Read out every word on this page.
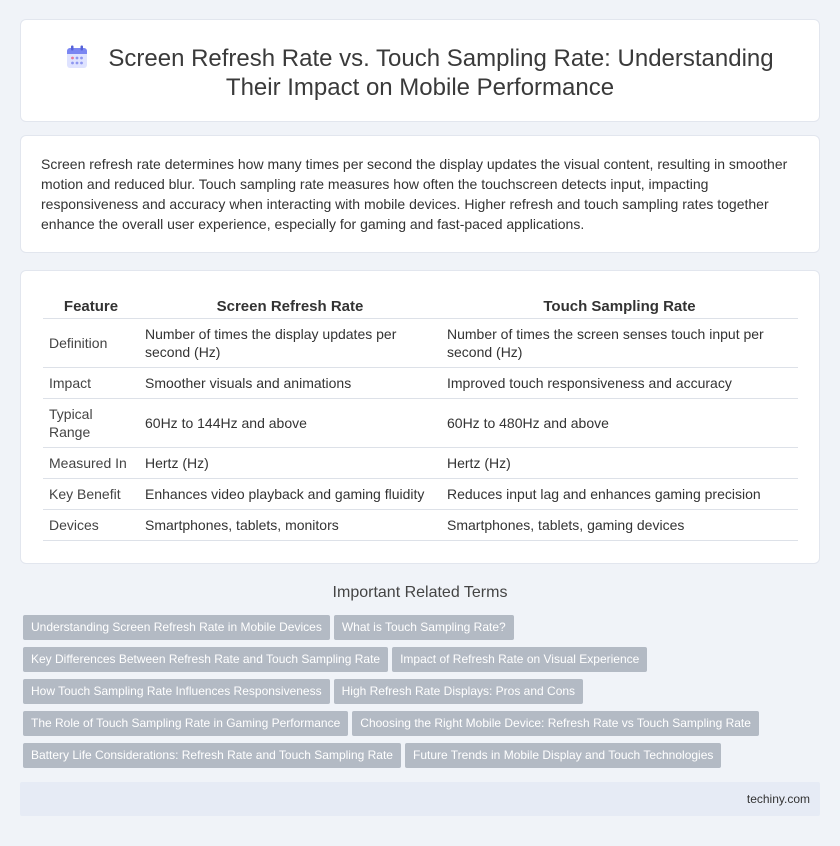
Screen Refresh Rate vs. Touch Sampling Rate: Understanding Their Impact on Mobile Performance

Screen refresh rate determines how many times per second the display updates the visual content, resulting in smoother motion and reduced blur. Touch sampling rate measures how often the touchscreen detects input, impacting responsiveness and accuracy when interacting with mobile devices. Higher refresh and touch sampling rates together enhance the overall user experience, especially for gaming and fast-paced applications.

Feature	Screen Refresh Rate	Touch Sampling Rate
Definition	Number of times the display updates per second (Hz)	Number of times the screen senses touch input per second (Hz)
Impact	Smoother visuals and animations	Improved touch responsiveness and accuracy
Typical Range	60Hz to 144Hz and above	60Hz to 480Hz and above
Measured In	Hertz (Hz)	Hertz (Hz)
Key Benefit	Enhances video playback and gaming fluidity	Reduces input lag and enhances gaming precision
Devices	Smartphones, tablets, monitors	Smartphones, tablets, gaming devices
Important Related Terms
Understanding Screen Refresh Rate in Mobile Devices What is Touch Sampling Rate?
Key Differences Between Refresh Rate and Touch Sampling Rate Impact of Refresh Rate on Visual Experience
How Touch Sampling Rate Influences Responsiveness High Refresh Rate Displays: Pros and Cons
The Role of Touch Sampling Rate in Gaming Performance Choosing the Right Mobile Device: Refresh Rate vs Touch Sampling Rate
Battery Life Considerations: Refresh Rate and Touch Sampling Rate Future Trends in Mobile Display and Touch Technologies
techiny.com
